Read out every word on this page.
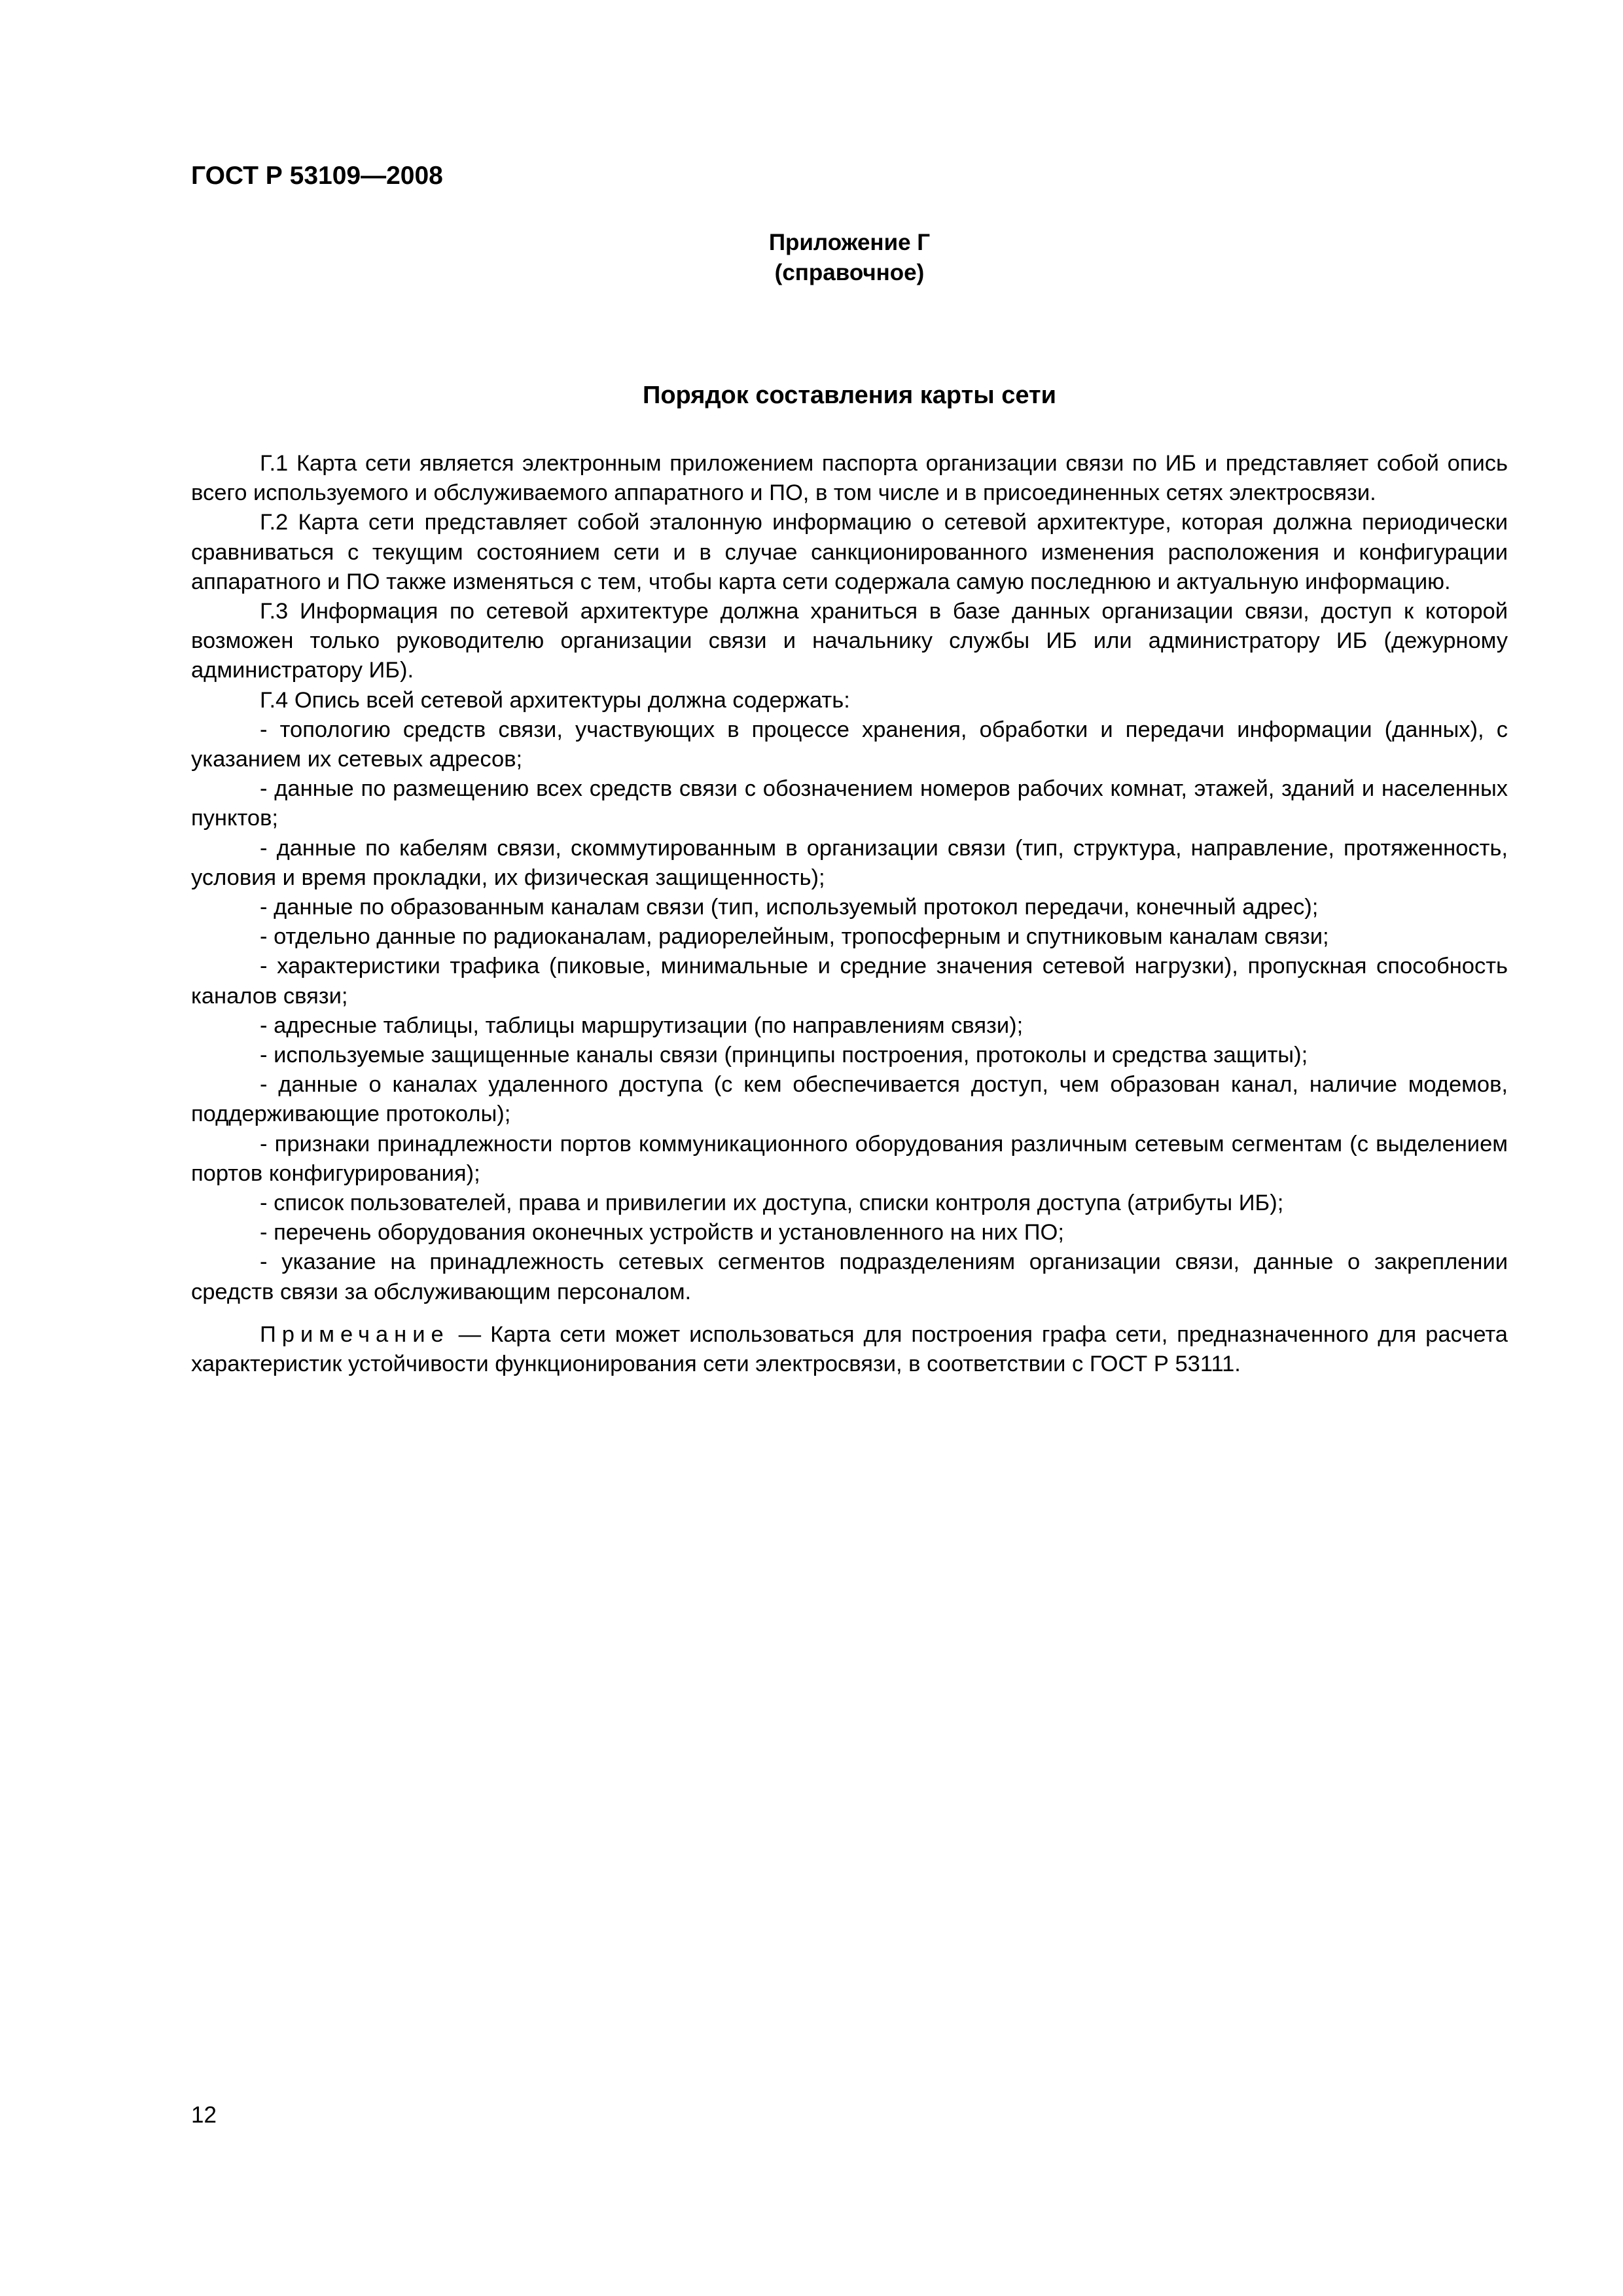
ГОСТ Р 53109—2008
Приложение Г
(справочное)
Порядок составления карты сети

Г.1 Карта сети является электронным приложением паспорта организации связи по ИБ и представляет собой опись всего используемого и обслуживаемого аппаратного и ПО, в том числе и в присоединенных сетях электросвязи.

Г.2 Карта сети представляет собой эталонную информацию о сетевой архитектуре, которая должна периодически сравниваться с текущим состоянием сети и в случае санкционированного изменения расположения и конфигурации аппаратного и ПО также изменяться с тем, чтобы карта сети содержала самую последнюю и актуальную информацию.

Г.3 Информация по сетевой архитектуре должна храниться в базе данных организации связи, доступ к которой возможен только руководителю организации связи и начальнику службы ИБ или администратору ИБ (дежурному администратору ИБ).

Г.4 Опись всей сетевой архитектуры должна содержать:

- топологию средств связи, участвующих в процессе хранения, обработки и передачи информации (данных), с указанием их сетевых адресов;

- данные по размещению всех средств связи с обозначением номеров рабочих комнат, этажей, зданий и населенных пунктов;

- данные по кабелям связи, скоммутированным в организации связи (тип, структура, направление, протяженность, условия и время прокладки, их физическая защищенность);

- данные по образованным каналам связи (тип, используемый протокол передачи, конечный адрес);

- отдельно данные по радиоканалам, радиорелейным, тропосферным и спутниковым каналам связи;

- характеристики трафика (пиковые, минимальные и средние значения сетевой нагрузки), пропускная способность каналов связи;

- адресные таблицы, таблицы маршрутизации (по направлениям связи);

- используемые защищенные каналы связи (принципы построения, протоколы и средства защиты);

- данные о каналах удаленного доступа (с кем обеспечивается доступ, чем образован канал, наличие модемов, поддерживающие протоколы);

- признаки принадлежности портов коммуникационного оборудования различным сетевым сегментам (с выделением портов конфигурирования);

- список пользователей, права и привилегии их доступа, списки контроля доступа (атрибуты ИБ);

- перечень оборудования оконечных устройств и установленного на них ПО;

- указание на принадлежность сетевых сегментов подразделениям организации связи, данные о закреплении средств связи за обслуживающим персоналом.

Примечание — Карта сети может использоваться для построения графа сети, предназначенного для расчета характеристик устойчивости функционирования сети электросвязи, в соответствии с ГОСТ Р 53111.

12
